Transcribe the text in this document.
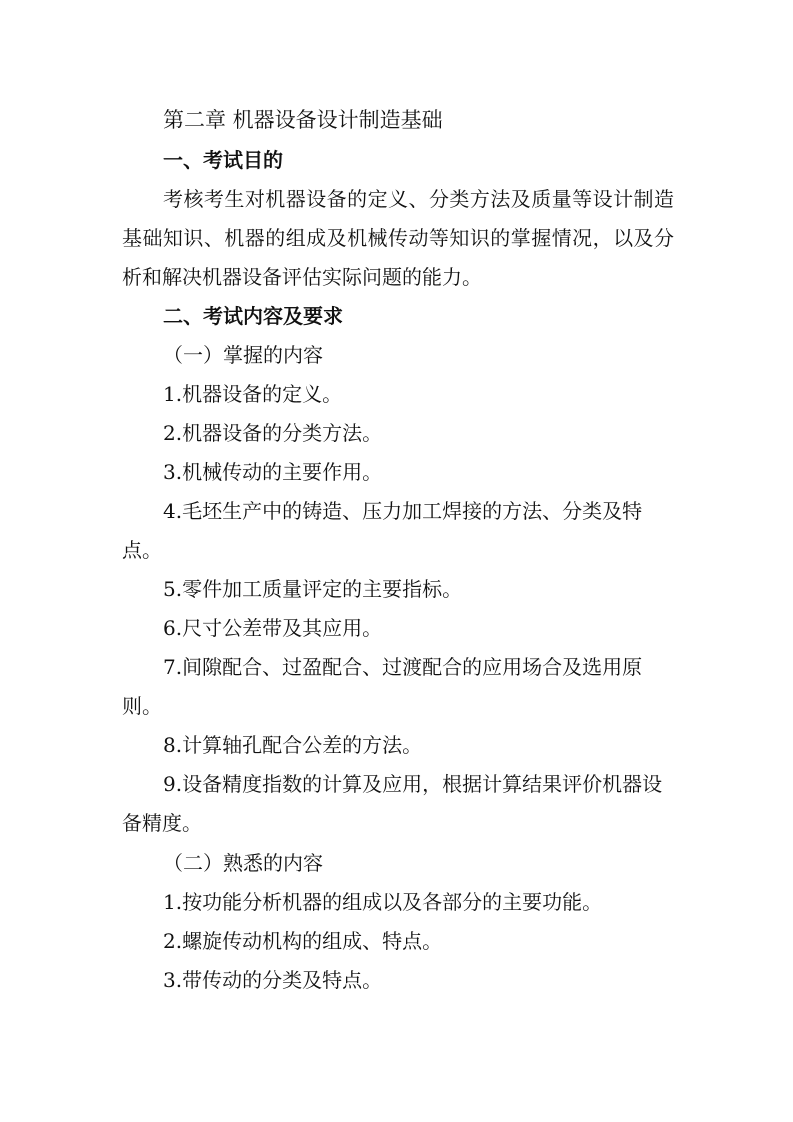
第二章 机器设备设计制造基础
一、考试目的
考核考生对机器设备的定义、分类方法及质量等设计制造基础知识、机器的组成及机械传动等知识的掌握情况，以及分析和解决机器设备评估实际问题的能力。
二、考试内容及要求
（一）掌握的内容
1.机器设备的定义。
2.机器设备的分类方法。
3.机械传动的主要作用。
4.毛坯生产中的铸造、压力加工焊接的方法、分类及特点。
5.零件加工质量评定的主要指标。
6.尺寸公差带及其应用。
7.间隙配合、过盈配合、过渡配合的应用场合及选用原则。
8.计算轴孔配合公差的方法。
9.设备精度指数的计算及应用，根据计算结果评价机器设备精度。
（二）熟悉的内容
1.按功能分析机器的组成以及各部分的主要功能。
2.螺旋传动机构的组成、特点。
3.带传动的分类及特点。
